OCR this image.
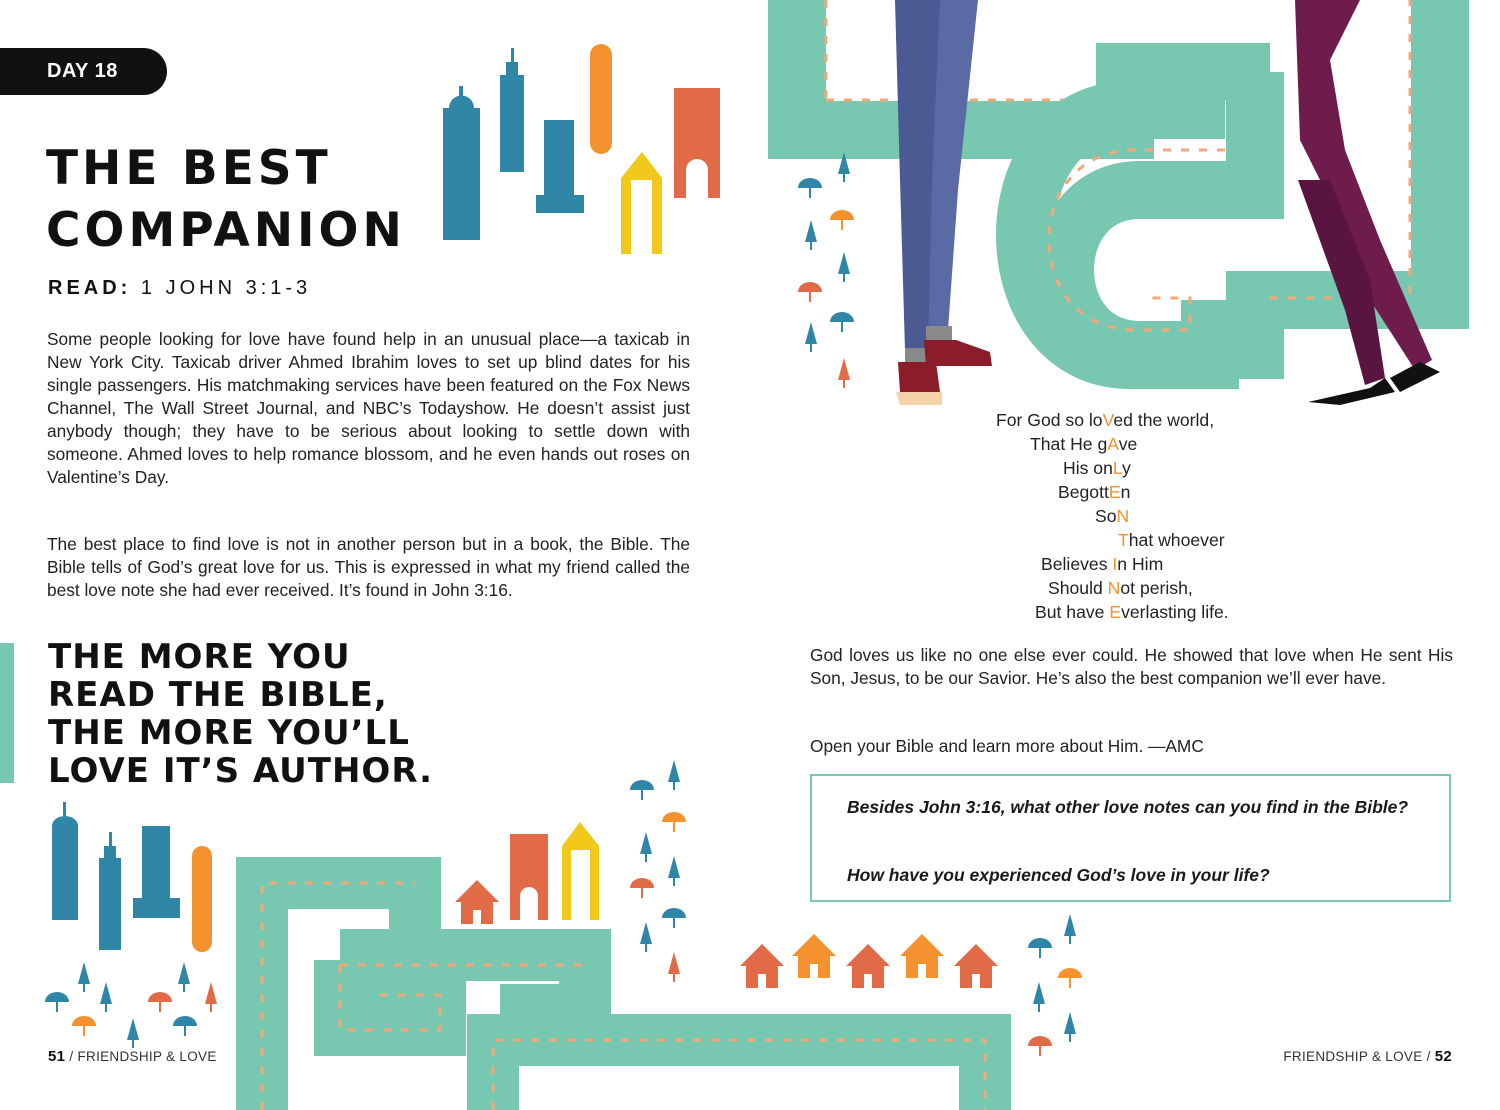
DAY 18
THE BEST
COMPANION
READ: 1 JOHN 3:1-3
Some people looking for love have found help in an unusual place—a taxicab in New York City. Taxicab driver Ahmed Ibrahim loves to set up blind dates for his single passengers. His matchmaking services have been featured on the Fox News Channel, The Wall Street Journal, and NBC’s Todayshow. He doesn’t assist just anybody though; they have to be serious about looking to settle down with someone. Ahmed loves to help romance blossom, and he even hands out roses on Valentine’s Day.
The best place to find love is not in another person but in a book, the Bible. The Bible tells of God’s great love for us. This is expressed in what my friend called the best love note she had ever received. It’s found in John 3:16.
THE MORE YOU
READ THE BIBLE,
THE MORE YOU’LL
LOVE IT’S AUTHOR.
For God so loVed the world,
That He gAve
His onLy
BegottEn
SoN
That whoever
Believes In Him
Should Not perish,
But have Everlasting life.
God loves us like no one else ever could. He showed that love when He sent His Son, Jesus, to be our Savior. He’s also the best companion we’ll ever have.
Open your Bible and learn more about Him. —AMC
Besides John 3:16, what other love notes can you find in the Bible?
How have you experienced God’s love in your life?
51 / FRIENDSHIP & LOVE	FRIENDSHIP & LOVE / 52
